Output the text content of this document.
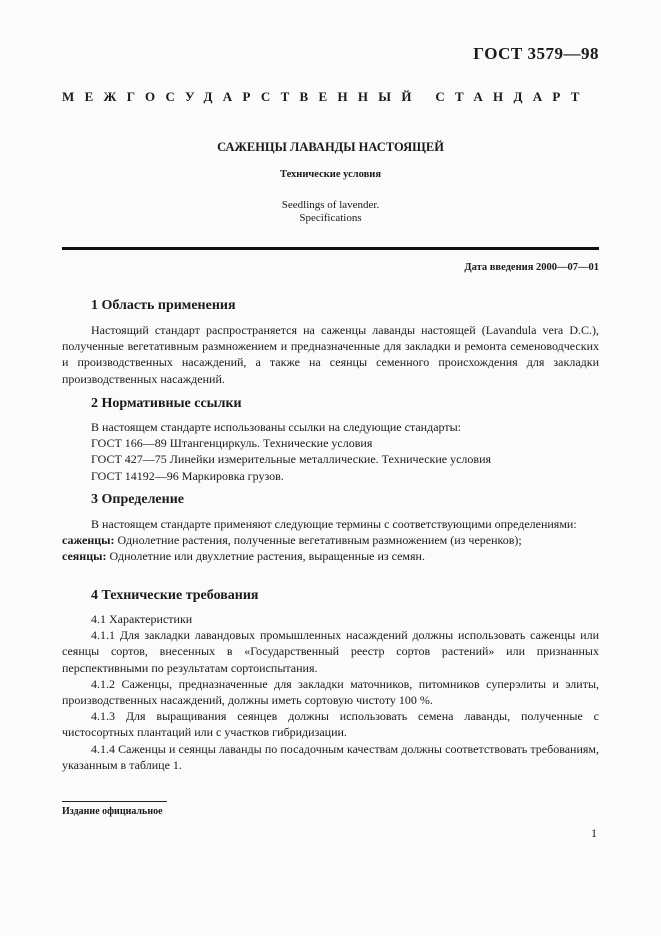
ГОСТ 3579—98
МЕЖГОСУДАРСТВЕННЫЙ СТАНДАРТ
САЖЕНЦЫ ЛАВАНДЫ НАСТОЯЩЕЙ
Технические условия
Seedlings of lavender.
Specifications
Дата введения 2000—07—01
1 Область применения

Настоящий стандарт распространяется на саженцы лаванды настоящей (Lavandula vera D.C.), полученные вегетативным размножением и предназначенные для закладки и ремонта семеноводческих и производственных насаждений, а также на сеянцы семенного происхождения для закладки производственных насаждений.

2 Нормативные ссылки
В настоящем стандарте использованы ссылки на следующие стандарты:
ГОСТ 166—89 Штангенциркуль. Технические условия
ГОСТ 427—75 Линейки измерительные металлические. Технические условия
ГОСТ 14192—96 Маркировка грузов.
3 Определение

В настоящем стандарте применяют следующие термины с соответствующими определениями:

саженцы: Однолетние растения, полученные вегетативным размножением (из черенков);

сеянцы: Однолетние или двухлетние растения, выращенные из семян.

4 Технические требования

4.1 Характеристики

4.1.1 Для закладки лавандовых промышленных насаждений должны использовать саженцы или сеянцы сортов, внесенных в «Государственный реестр сортов растений» или признанных перспективными по результатам сортоиспытания.

4.1.2 Саженцы, предназначенные для закладки маточников, питомников суперэлиты и элиты, производственных насаждений, должны иметь сортовую чистоту 100 %.

4.1.3 Для выращивания сеянцев должны использовать семена лаванды, полученные с чистосортных плантаций или с участков гибридизации.

4.1.4 Саженцы и сеянцы лаванды по посадочным качествам должны соответствовать требованиям, указанным в таблице 1.

Издание официальное
1
